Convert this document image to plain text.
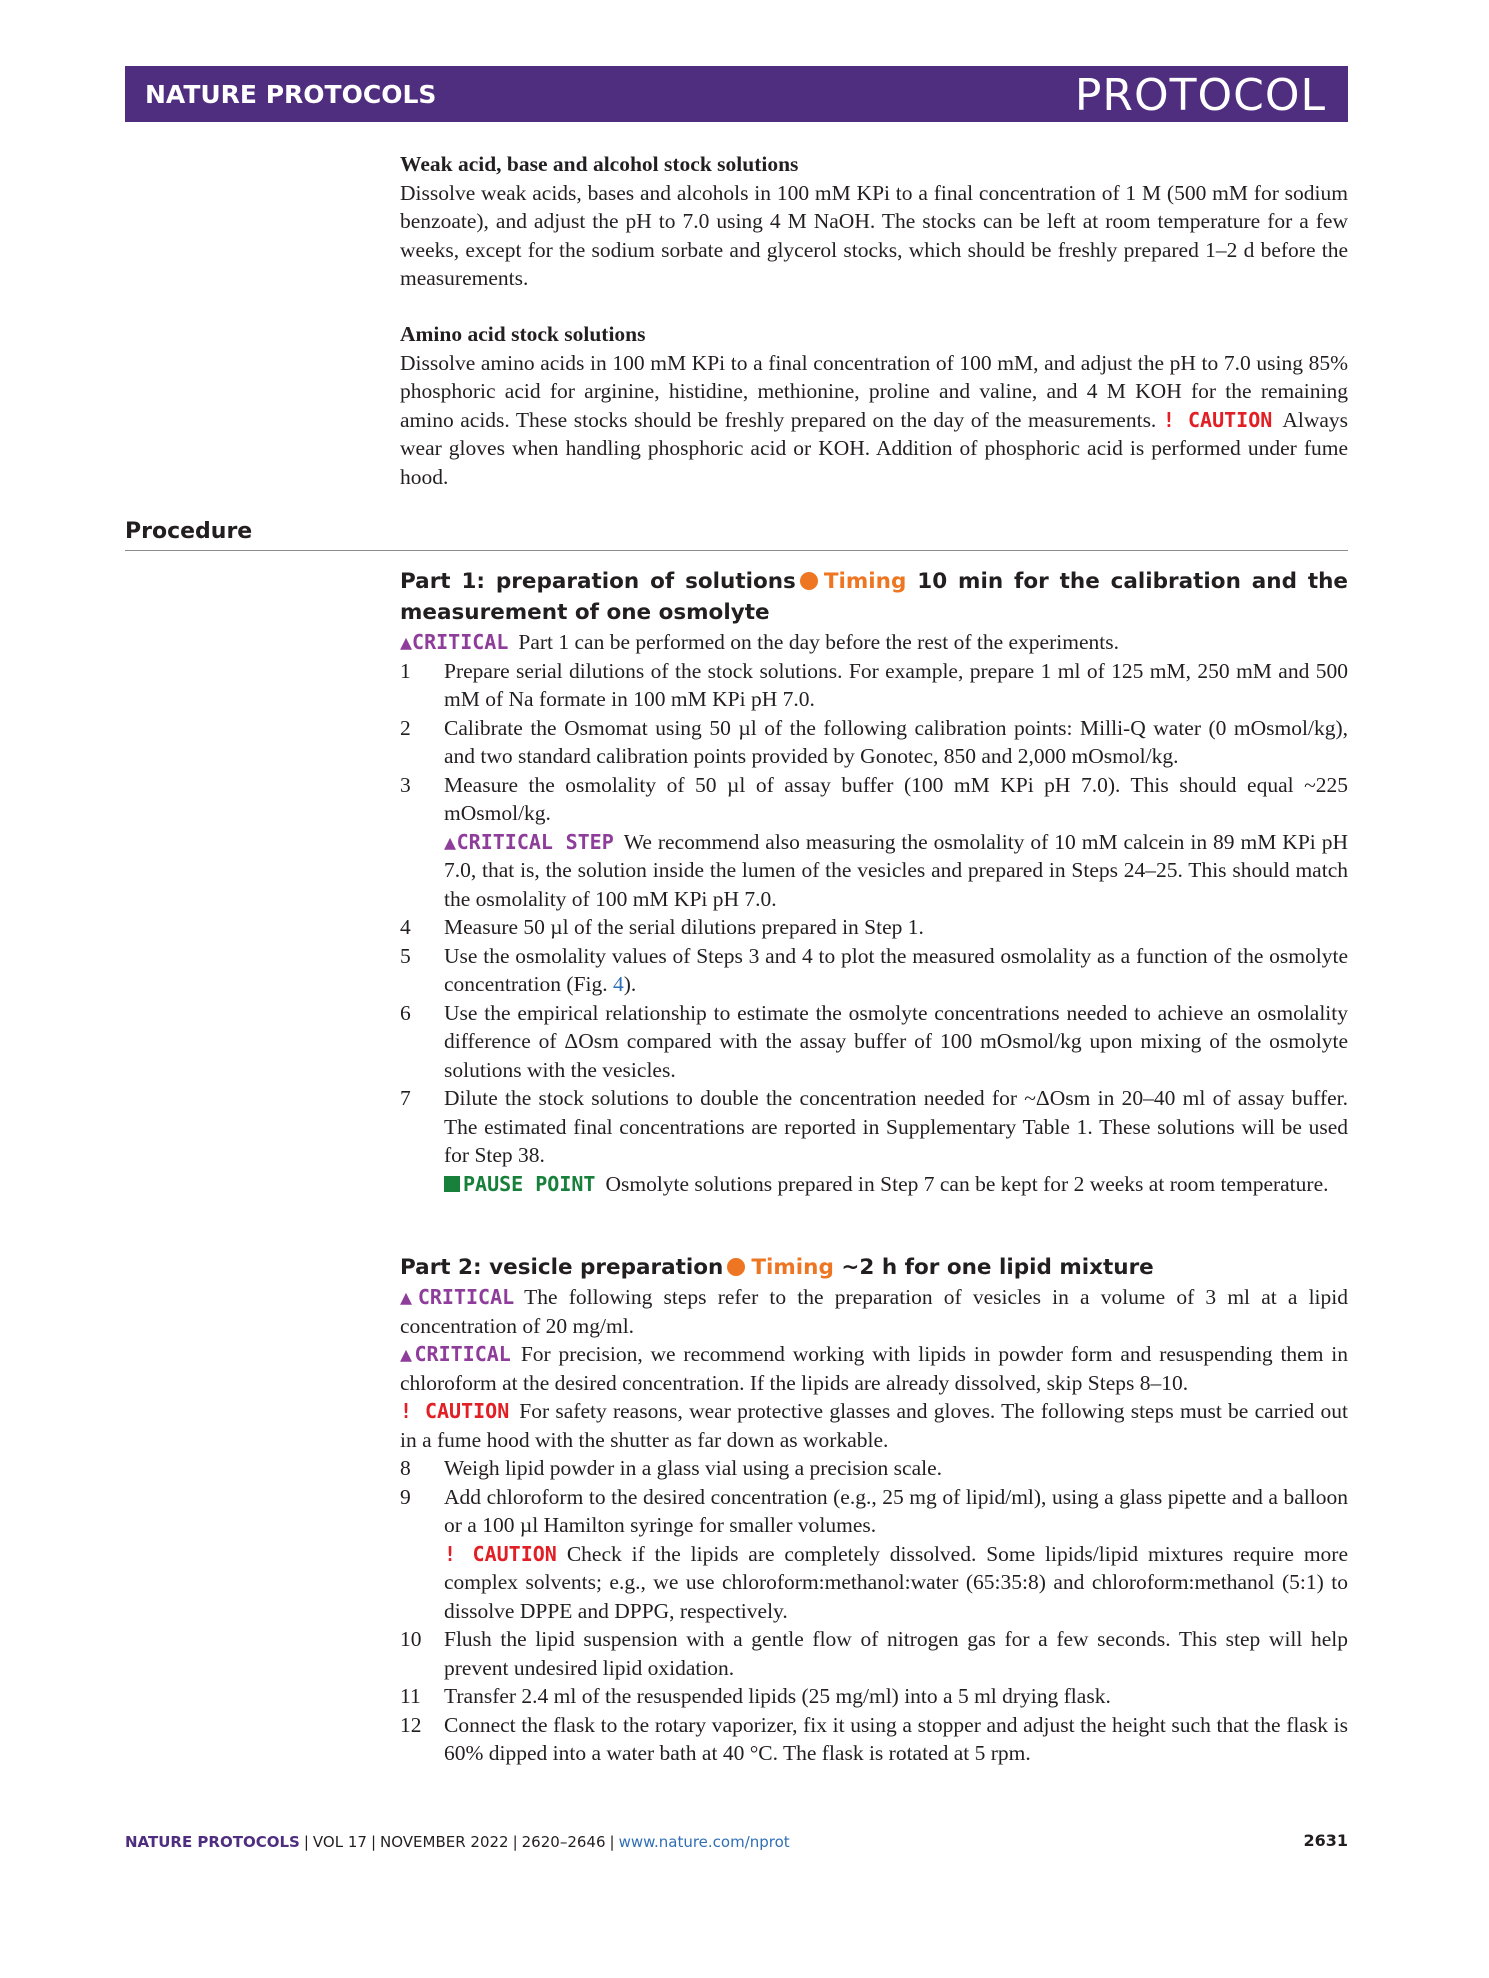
NATURE PROTOCOLS	PROTOCOL

Weak acid, base and alcohol stock solutions

Dissolve weak acids, bases and alcohols in 100 mM KPi to a final concentration of 1 M (500 mM for sodium benzoate), and adjust the pH to 7.0 using 4 M NaOH. The stocks can be left at room temperature for a few weeks, except for the sodium sorbate and glycerol stocks, which should be freshly prepared 1–2 d before the measurements.

Amino acid stock solutions

Dissolve amino acids in 100 mM KPi to a final concentration of 100 mM, and adjust the pH to 7.0 using 85% phosphoric acid for arginine, histidine, methionine, proline and valine, and 4 M KOH for the remaining amino acids. These stocks should be freshly prepared on the day of the measurements. ! CAUTION Always wear gloves when handling phosphoric acid or KOH. Addition of phosphoric acid is performed under fume hood.

Procedure

Part 1: preparation of solutions Timing 10 min for the calibration and the measurement of one osmolyte

▲CRITICAL Part 1 can be performed on the day before the rest of the experiments.

1	Prepare serial dilutions of the stock solutions. For example, prepare 1 ml of 125 mM, 250 mM and 500 mM of Na formate in 100 mM KPi pH 7.0.

2	Calibrate the Osmomat using 50 µl of the following calibration points: Milli-Q water (0 mOsmol/kg), and two standard calibration points provided by Gonotec, 850 and 2,000 mOsmol/kg.

3	Measure the osmolality of 50 µl of assay buffer (100 mM KPi pH 7.0). This should equal ~225 mOsmol/kg.

▲CRITICAL STEP We recommend also measuring the osmolality of 10 mM calcein in 89 mM KPi pH 7.0, that is, the solution inside the lumen of the vesicles and prepared in Steps 24–25. This should match the osmolality of 100 mM KPi pH 7.0.

4	Measure 50 µl of the serial dilutions prepared in Step 1.

5	Use the osmolality values of Steps 3 and 4 to plot the measured osmolality as a function of the osmolyte concentration (Fig. 4).

6	Use the empirical relationship to estimate the osmolyte concentrations needed to achieve an osmolality difference of ΔOsm compared with the assay buffer of 100 mOsmol/kg upon mixing of the osmolyte solutions with the vesicles.

7	Dilute the stock solutions to double the concentration needed for ~ΔOsm in 20–40 ml of assay buffer. The estimated final concentrations are reported in Supplementary Table 1. These solutions will be used for Step 38.

PAUSE POINT Osmolyte solutions prepared in Step 7 can be kept for 2 weeks at room temperature.

Part 2: vesicle preparation Timing ~2 h for one lipid mixture

▲CRITICAL The following steps refer to the preparation of vesicles in a volume of 3 ml at a lipid concentration of 20 mg/ml.

▲CRITICAL For precision, we recommend working with lipids in powder form and resuspending them in chloroform at the desired concentration. If the lipids are already dissolved, skip Steps 8–10.

! CAUTION For safety reasons, wear protective glasses and gloves. The following steps must be carried out in a fume hood with the shutter as far down as workable.

8	Weigh lipid powder in a glass vial using a precision scale.

9	Add chloroform to the desired concentration (e.g., 25 mg of lipid/ml), using a glass pipette and a balloon or a 100 µl Hamilton syringe for smaller volumes.

! CAUTION Check if the lipids are completely dissolved. Some lipids/lipid mixtures require more complex solvents; e.g., we use chloroform:methanol:water (65:35:8) and chloroform:methanol (5:1) to dissolve DPPE and DPPG, respectively.

10	Flush the lipid suspension with a gentle flow of nitrogen gas for a few seconds. This step will help prevent undesired lipid oxidation.

11	Transfer 2.4 ml of the resuspended lipids (25 mg/ml) into a 5 ml drying flask.

12	Connect the flask to the rotary vaporizer, fix it using a stopper and adjust the height such that the flask is 60% dipped into a water bath at 40 °C. The flask is rotated at 5 rpm.

NATURE PROTOCOLS | VOL 17 | NOVEMBER 2022 | 2620–2646 | www.nature.com/nprot	2631
